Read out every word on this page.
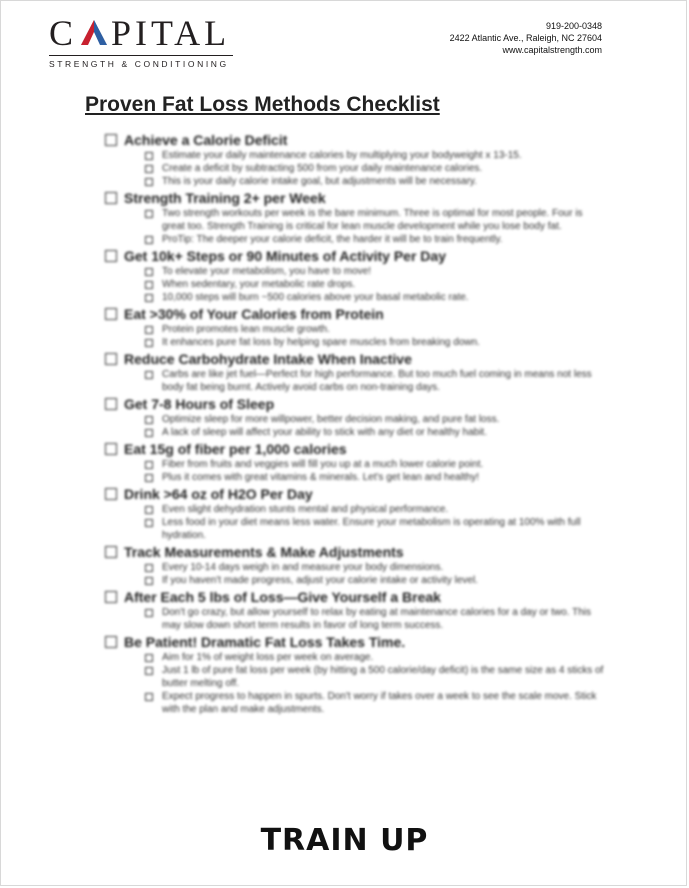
C PITAL
STRENGTH & CONDITIONING
919-200-0348
2422 Atlantic Ave., Raleigh, NC 27604
www.capitalstrength.com
Proven Fat Loss Methods Checklist
Achieve a Calorie Deficit
Estimate your daily maintenance calories by multiplying your bodyweight x 13-15.
Create a deficit by subtracting 500 from your daily maintenance calories.
This is your daily calorie intake goal, but adjustments will be necessary.
Strength Training 2+ per Week
Two strength workouts per week is the bare minimum. Three is optimal for most people. Four is great too. Strength Training is critical for lean muscle development while you lose body fat.
ProTip: The deeper your calorie deficit, the harder it will be to train frequently.
Get 10k+ Steps or 90 Minutes of Activity Per Day
To elevate your metabolism, you have to move!
When sedentary, your metabolic rate drops.
10,000 steps will burn ~500 calories above your basal metabolic rate.
Eat >30% of Your Calories from Protein
Protein promotes lean muscle growth.
It enhances pure fat loss by helping spare muscles from breaking down.
Reduce Carbohydrate Intake When Inactive
Carbs are like jet fuel—Perfect for high performance. But too much fuel coming in means not less body fat being burnt. Actively avoid carbs on non-training days.
Get 7-8 Hours of Sleep
Optimize sleep for more willpower, better decision making, and pure fat loss.
A lack of sleep will affect your ability to stick with any diet or healthy habit.
Eat 15g of fiber per 1,000 calories
Fiber from fruits and veggies will fill you up at a much lower calorie point.
Plus it comes with great vitamins & minerals. Let's get lean and healthy!
Drink >64 oz of H2O Per Day
Even slight dehydration stunts mental and physical performance.
Less food in your diet means less water. Ensure your metabolism is operating at 100% with full hydration.
Track Measurements & Make Adjustments
Every 10-14 days weigh in and measure your body dimensions.
If you haven't made progress, adjust your calorie intake or activity level.
After Each 5 lbs of Loss—Give Yourself a Break
Don't go crazy, but allow yourself to relax by eating at maintenance calories for a day or two. This may slow down short term results in favor of long term success.
Be Patient! Dramatic Fat Loss Takes Time.
Aim for 1% of weight loss per week on average.
Just 1 lb of pure fat loss per week (by hitting a 500 calorie/day deficit) is the same size as 4 sticks of butter melting off.
Expect progress to happen in spurts. Don't worry if takes over a week to see the scale move. Stick with the plan and make adjustments.
TRAIN UP
